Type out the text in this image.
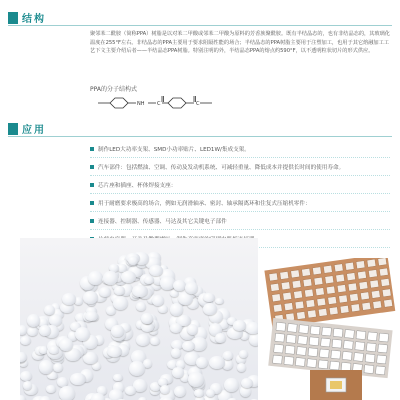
结构
聚邻苯二酰胺（简称PPA）树脂是以对苯二甲酸或邻苯二甲酸为原料的芳香族聚酰胺。既有半结晶态的，也有非结晶态的，其玻璃化温度在255°F左右。非结晶态的PPA主要用于要求阻隔性能的场合；半结晶态的PPA树脂主要用于注塑加工，也用于其它熔融加工工艺下文主要介绍后者——半结晶态PPA树脂。特别注明的外，半结晶态PPA的熔点约590°F，以不透明粒状切片的形式供应。
PPA的分子结构式
NH	C	C
应用
制作LED大功率支架、SMD小功率贴片、LED1W/集成支架。
汽车部件：包括燃油、空调、传动及发动机系统、可减轻重量、降低成本并提供长时间的使用寿命。
芯片座和插座、杯体焊接支座：
用于耐磨要求极高的场合，例如无润滑轴承、密封、轴承隔离环和住复式压缩机零件：
连接器、控制器、传感器、马达及其它关键电子部件
